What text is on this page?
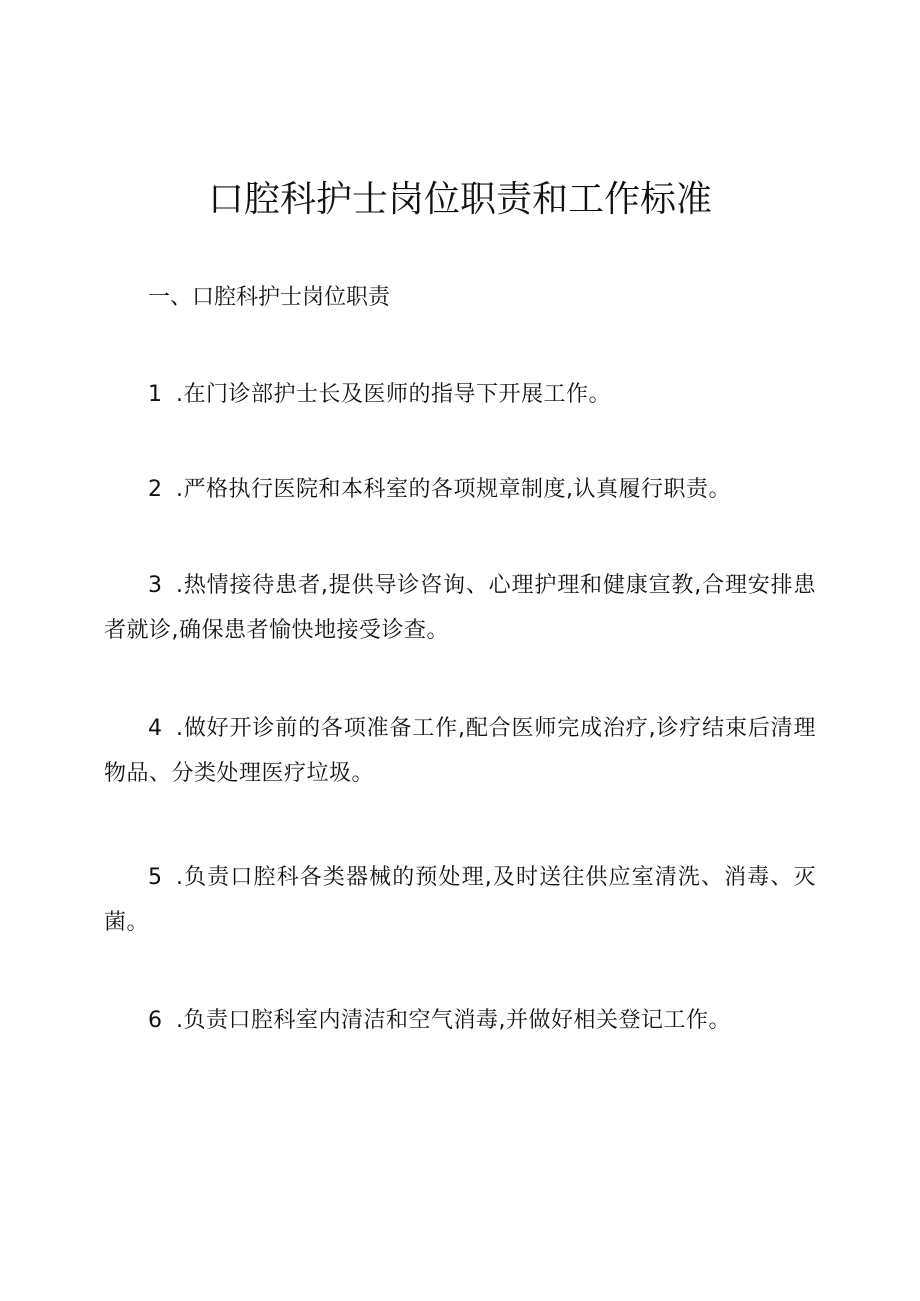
口腔科护士岗位职责和工作标准

一、口腔科护士岗位职责

1 .在门诊部护士长及医师的指导下开展工作。

2 .严格执行医院和本科室的各项规章制度,认真履行职责。

3 .热情接待患者,提供导诊咨询、心理护理和健康宣教,合理安排患者就诊,确保患者愉快地接受诊查。

4 .做好开诊前的各项准备工作,配合医师完成治疗,诊疗结束后清理物品、分类处理医疗垃圾。

5 .负责口腔科各类器械的预处理,及时送往供应室清洗、消毒、灭菌。

6 .负责口腔科室内清洁和空气消毒,并做好相关登记工作。
